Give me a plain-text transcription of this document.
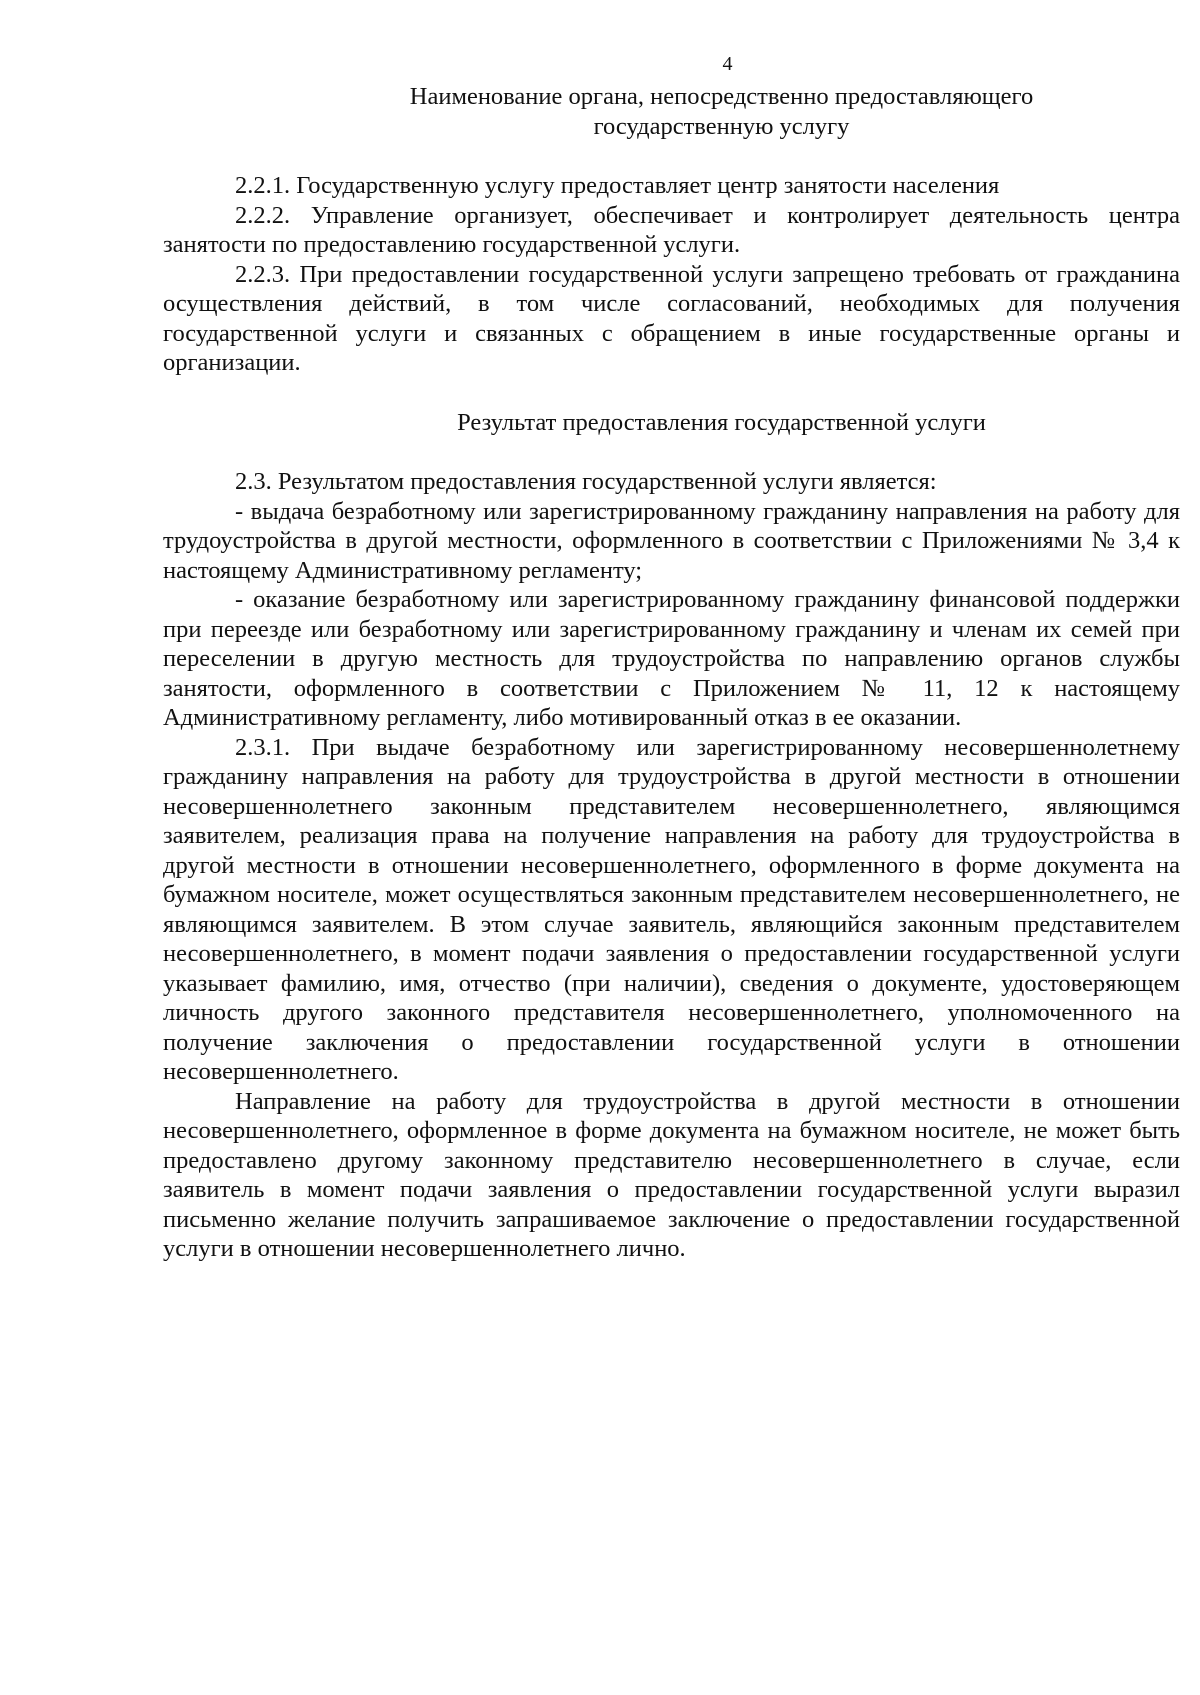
4
Наименование органа, непосредственно предоставляющего
государственную услугу

2.2.1. Государственную услугу предоставляет центр занятости населения

2.2.2. Управление организует, обеспечивает и контролирует деятельность центра занятости по предоставлению государственной услуги.

2.2.3. При предоставлении государственной услуги запрещено требовать от гражданина осуществления действий, в том числе согласований, необходимых для получения государственной услуги и связанных с обращением в иные государственные органы и организации.

Результат предоставления государственной услуги

2.3. Результатом предоставления государственной услуги является:

- выдача безработному или зарегистрированному гражданину направления на работу для трудоустройства в другой местности, оформленного в соответствии с Приложениями № 3,4 к настоящему Административному регламенту;

- оказание безработному или зарегистрированному гражданину финансовой поддержки при переезде или безработному или зарегистрированному гражданину и членам их семей при переселении в другую местность для трудоустройства по направлению органов службы занятости, оформленного в соответствии с Приложением № 11, 12 к настоящему Административному регламенту, либо мотивированный отказ в ее оказании.

2.3.1. При выдаче безработному или зарегистрированному несовершеннолетнему гражданину направления на работу для трудоустройства в другой местности в отношении несовершеннолетнего законным представителем несовершеннолетнего, являющимся заявителем, реализация права на получение направления на работу для трудоустройства в другой местности в отношении несовершеннолетнего, оформленного в форме документа на бумажном носителе, может осуществляться законным представителем несовершеннолетнего, не являющимся заявителем. В этом случае заявитель, являющийся законным представителем несовершеннолетнего, в момент подачи заявления о предоставлении государственной услуги указывает фамилию, имя, отчество (при наличии), сведения о документе, удостоверяющем личность другого законного представителя несовершеннолетнего, уполномоченного на получение заключения о предоставлении государственной услуги в отношении несовершеннолетнего.

Направление на работу для трудоустройства в другой местности в отношении несовершеннолетнего, оформленное в форме документа на бумажном носителе, не может быть предоставлено другому законному представителю несовершеннолетнего в случае, если заявитель в момент подачи заявления о предоставлении государственной услуги выразил письменно желание получить запрашиваемое заключение о предоставлении государственной услуги в отношении несовершеннолетнего лично.
